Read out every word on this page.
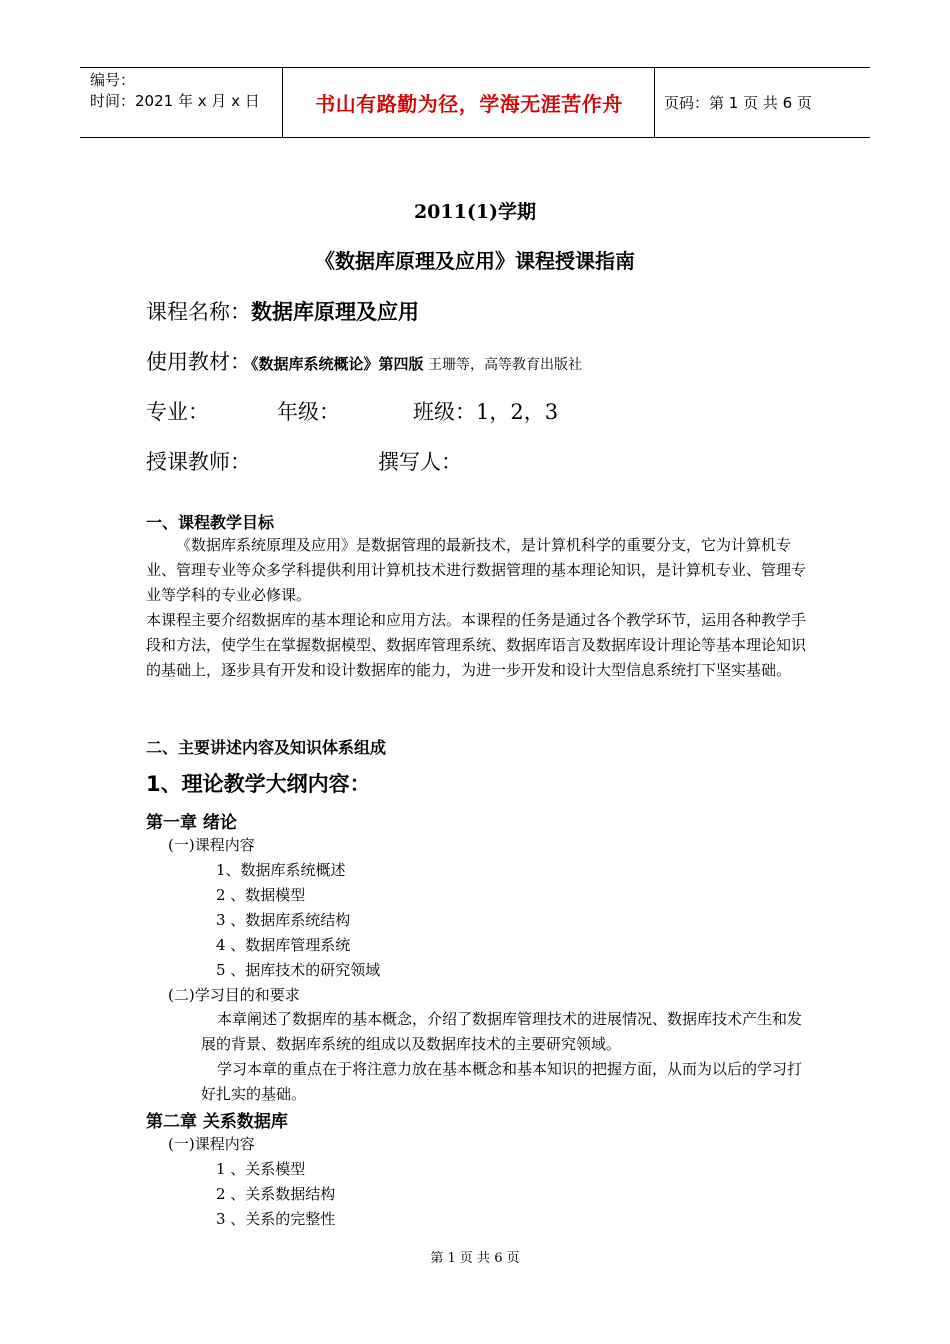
编号：
时间：2021 年 x 月 x 日	书山有路勤为径，学海无涯苦作舟	页码：第 1 页 共 6 页
2011(1)学期
《数据库原理及应用》课程授课指南
课程名称：数据库原理及应用
使用教材：《数据库系统概论》第四版 王珊等，高等教育出版社
专业：	年级：	班级：1，2，3
授课教师：	撰写人：
一、课程教学目标

《数据库系统原理及应用》是数据管理的最新技术，是计算机科学的重要分支，它为计算机专业、管理专业等众多学科提供利用计算机技术进行数据管理的基本理论知识，是计算机专业、管理专业等学科的专业必修课。

本课程主要介绍数据库的基本理论和应用方法。本课程的任务是通过各个教学环节，运用各种教学手段和方法，使学生在掌握数据模型、数据库管理系统、数据库语言及数据库设计理论等基本理论知识的基础上，逐步具有开发和设计数据库的能力，为进一步开发和设计大型信息系统打下坚实基础。

二、主要讲述内容及知识体系组成
1、理论教学大纲内容：
第一章 绪论
(一)课程内容
1、数据库系统概述
2 、数据模型
3 、数据库系统结构
4 、数据库管理系统
5 、据库技术的研究领域
(二)学习目的和要求

本章阐述了数据库的基本概念，介绍了数据库管理技术的进展情况、数据库技术产生和发展的背景、数据库系统的组成以及数据库技术的主要研究领域。

学习本章的重点在于将注意力放在基本概念和基本知识的把握方面，从而为以后的学习打好扎实的基础。

第二章 关系数据库
(一)课程内容
1 、关系模型
2 、关系数据结构
3 、关系的完整性
第 1 页 共 6 页
